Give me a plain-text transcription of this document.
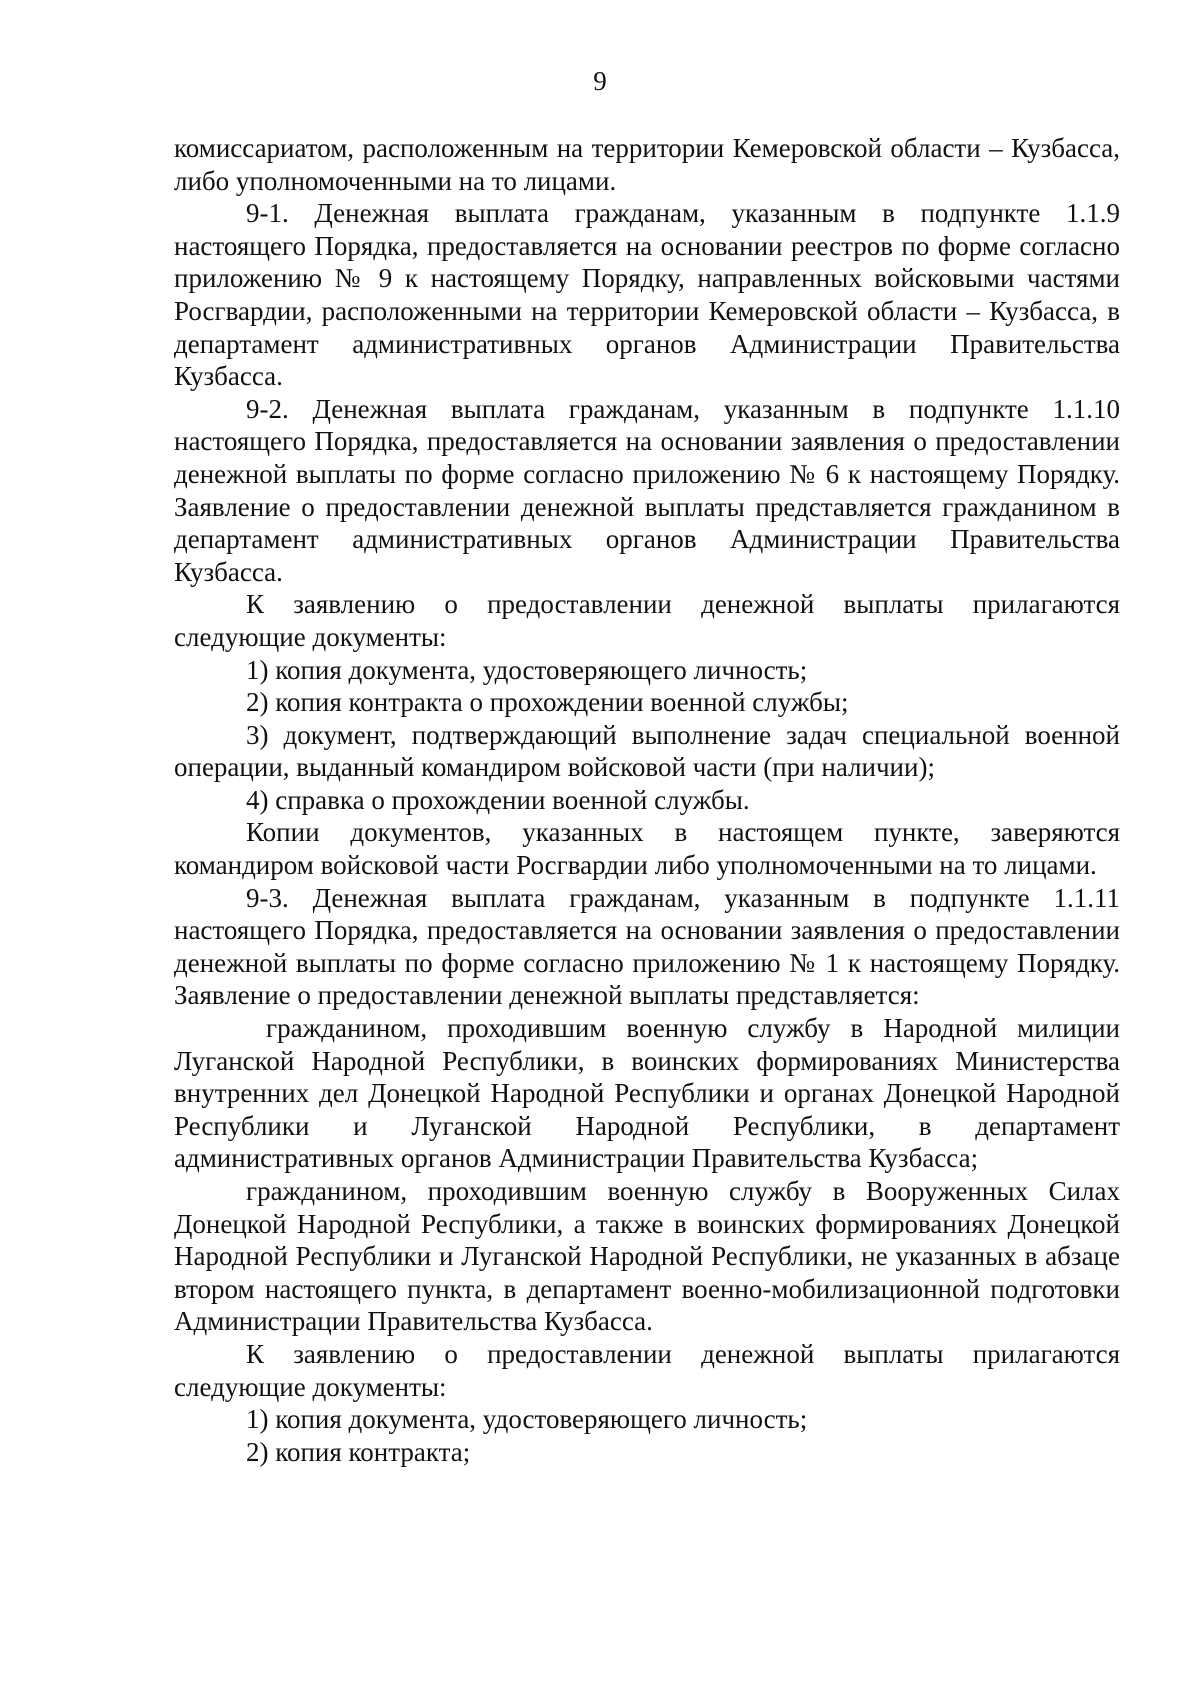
9

комиссариатом, расположенным на территории Кемеровской области – Кузбасса, либо уполномоченными на то лицами.

9-1. Денежная выплата гражданам, указанным в подпункте 1.1.9 настоящего Порядка, предоставляется на основании реестров по форме согласно приложению № 9 к настоящему Порядку, направленных войсковыми частями Росгвардии, расположенными на территории Кемеровской области – Кузбасса, в департамент административных органов Администрации Правительства Кузбасса.

9-2. Денежная выплата гражданам, указанным в подпункте 1.1.10 настоящего Порядка, предоставляется на основании заявления о предоставлении денежной выплаты по форме согласно приложению № 6 к настоящему Порядку. Заявление о предоставлении денежной выплаты представляется гражданином в департамент административных органов Администрации Правительства Кузбасса.

К заявлению о предоставлении денежной выплаты прилагаются следующие документы:

1) копия документа, удостоверяющего личность;

2) копия контракта о прохождении военной службы;

3) документ, подтверждающий выполнение задач специальной военной операции, выданный командиром войсковой части (при наличии);

4) справка о прохождении военной службы.

Копии документов, указанных в настоящем пункте, заверяются командиром войсковой части Росгвардии либо уполномоченными на то лицами.

9-3. Денежная выплата гражданам, указанным в подпункте 1.1.11 настоящего Порядка, предоставляется на основании заявления о предоставлении денежной выплаты по форме согласно приложению № 1 к настоящему Порядку. Заявление о предоставлении денежной выплаты представляется:

гражданином, проходившим военную службу в Народной милиции Луганской Народной Республики, в воинских формированиях Министерства внутренних дел Донецкой Народной Республики и органах Донецкой Народной Республики и Луганской Народной Республики, в департамент административных органов Администрации Правительства Кузбасса;

гражданином, проходившим военную службу в Вооруженных Силах Донецкой Народной Республики, а также в воинских формированиях Донецкой Народной Республики и Луганской Народной Республики, не указанных в абзаце втором настоящего пункта, в департамент военно-мобилизационной подготовки Администрации Правительства Кузбасса.

К заявлению о предоставлении денежной выплаты прилагаются следующие документы:

1) копия документа, удостоверяющего личность;

2) копия контракта;
